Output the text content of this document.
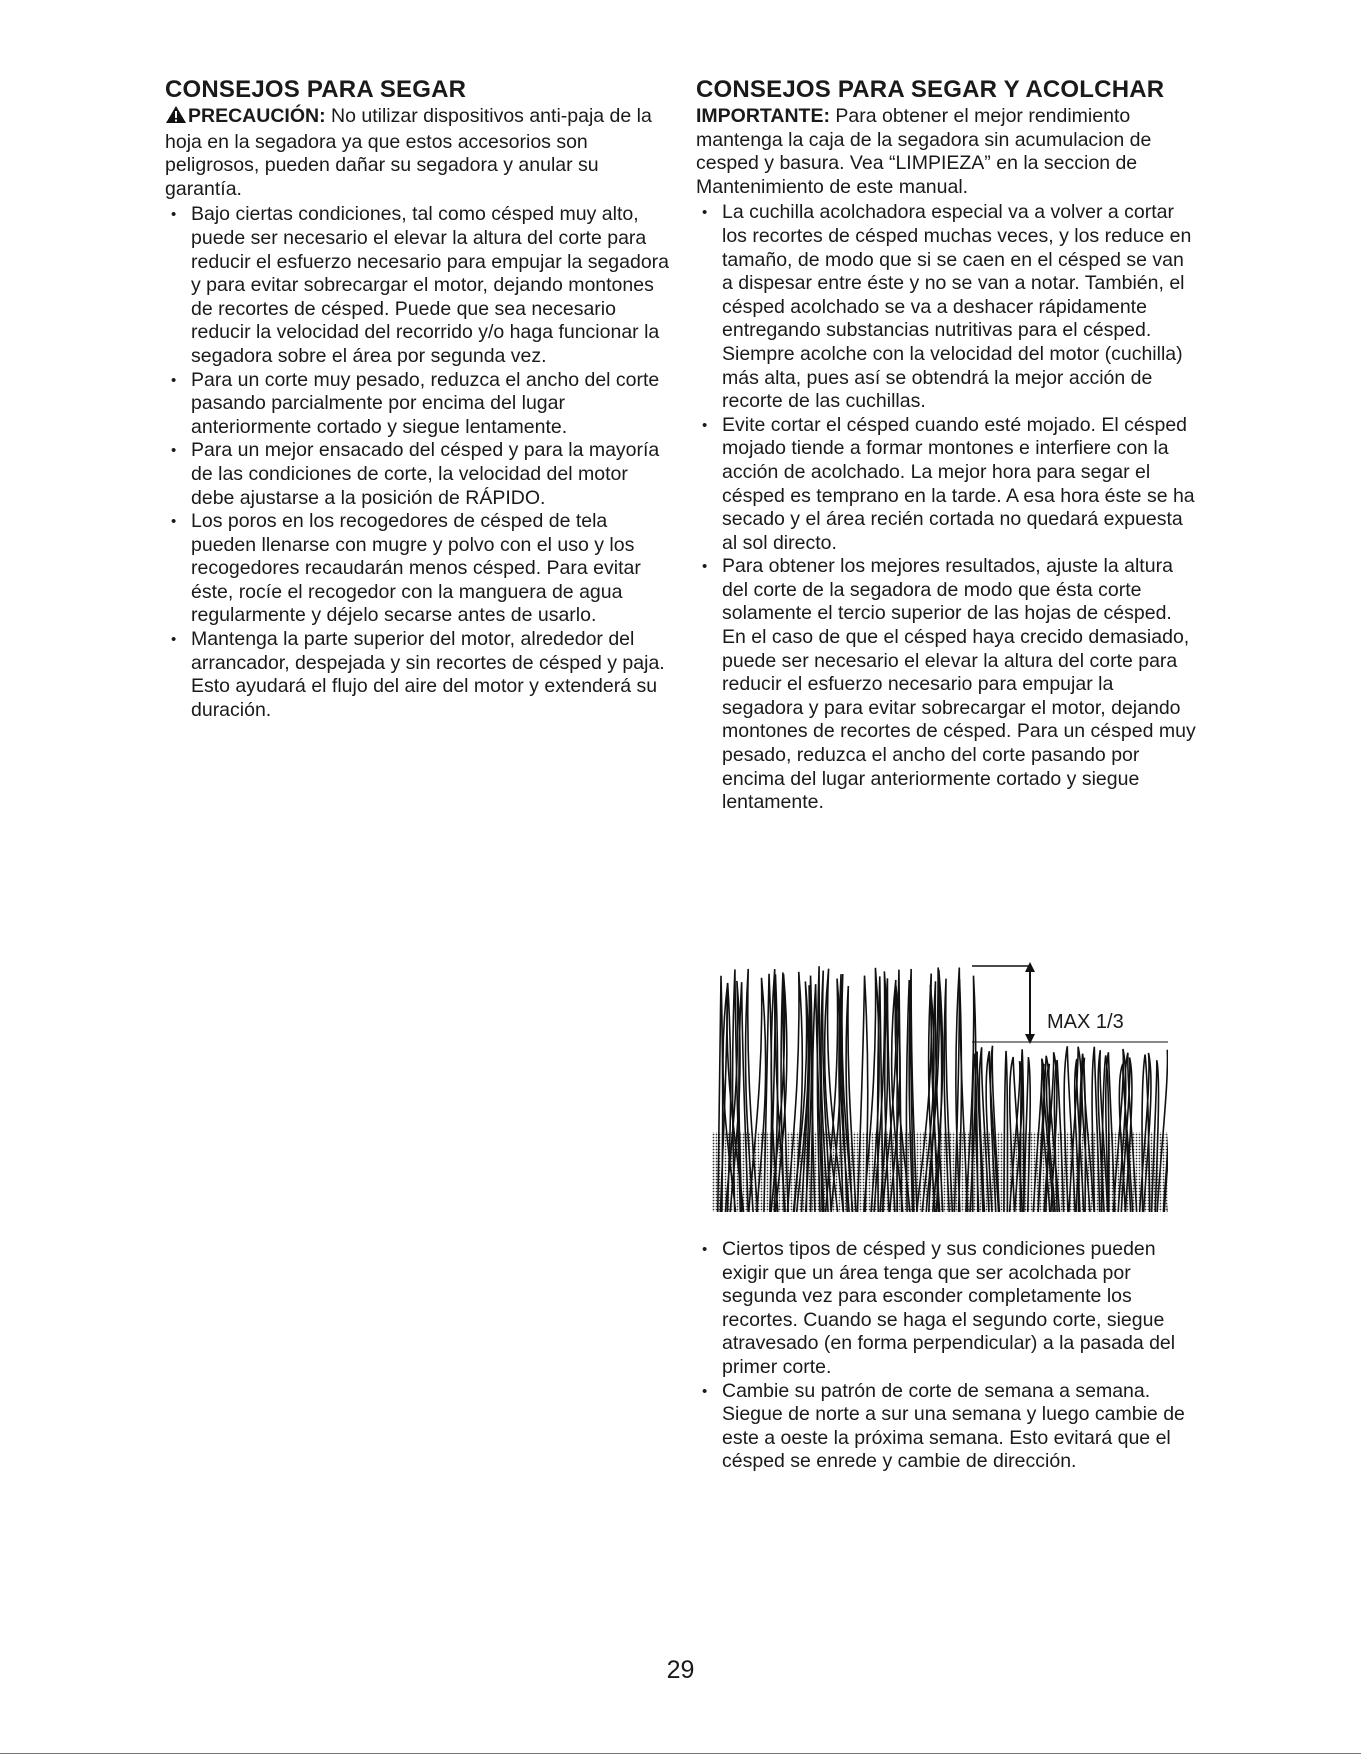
CONSEJOS PARA SEGAR

PRECAUCIÓN: No utilizar dispositivos anti-paja de la hoja en la segadora ya que estos accesorios son peligrosos, pueden dañar su segadora y anular su garantía.

• Bajo ciertas condiciones, tal como césped muy alto, puede ser necesario el elevar la altura del corte para reducir el esfuerzo necesario para empujar la segadora y para evitar sobrecargar el motor, dejando montones de recortes de césped. Puede que sea necesario reducir la velocidad del recorrido y/o haga funcionar la segadora sobre el área por segunda vez.
• Para un corte muy pesado, reduzca el ancho del corte pasando parcialmente por encima del lugar anteriormente cortado y siegue lentamente.
• Para un mejor ensacado del césped y para la mayoría de las condiciones de corte, la velocidad del motor debe ajustarse a la posición de RÁPIDO.
• Los poros en los recogedores de césped de tela pueden llenarse con mugre y polvo con el uso y los recogedores recaudarán menos césped. Para evitar éste, rocíe el recogedor con la manguera de agua regularmente y déjelo secarse antes de usarlo.
• Mantenga la parte superior del motor, alrededor del arrancador, despejada y sin recortes de césped y paja. Esto ayudará el flujo del aire del motor y extenderá su duración.
CONSEJOS PARA SEGAR Y ACOLCHAR

IMPORTANTE: Para obtener el mejor rendimiento mantenga la caja de la segadora sin acumulacion de cesped y basura. Vea “LIMPIEZA” en la seccion de Mantenimiento de este manual.

• La cuchilla acolchadora especial va a volver a cortar los recortes de césped muchas veces, y los reduce en tamaño, de modo que si se caen en el césped se van a dispesar entre éste y no se van a notar. También, el césped acolchado se va a deshacer rápidamente entregando substancias nutritivas para el césped. Siempre acolche con la velocidad del motor (cuchilla) más alta, pues así se obtendrá la mejor acción de recorte de las cuchillas.
• Evite cortar el césped cuando esté mojado. El césped mojado tiende a formar montones e interfiere con la acción de acolchado. La mejor hora para segar el césped es temprano en la tarde. A esa hora éste se ha secado y el área recién cortada no quedará expuesta al sol directo.
• Para obtener los mejores resultados, ajuste la altura del corte de la segadora de modo que ésta corte solamente el tercio superior de las hojas de césped. En el caso de que el césped haya crecido demasiado, puede ser necesario el elevar la altura del corte para reducir el esfuerzo necesario para empujar la segadora y para evitar sobrecargar el motor, dejando montones de recortes de césped. Para un césped muy pesado, reduzca el ancho del corte pasando por encima del lugar anteriormente cortado y siegue lentamente.
MAX 1/3
• Ciertos tipos de césped y sus condiciones pueden exigir que un área tenga que ser acolchada por segunda vez para esconder completamente los recortes. Cuando se haga el segundo corte, siegue atravesado (en forma perpendicular) a la pasada del primer corte.
• Cambie su patrón de corte de semana a semana. Siegue de norte a sur una semana y luego cambie de este a oeste la próxima semana. Esto evitará que el césped se enrede y cambie de dirección.
29
